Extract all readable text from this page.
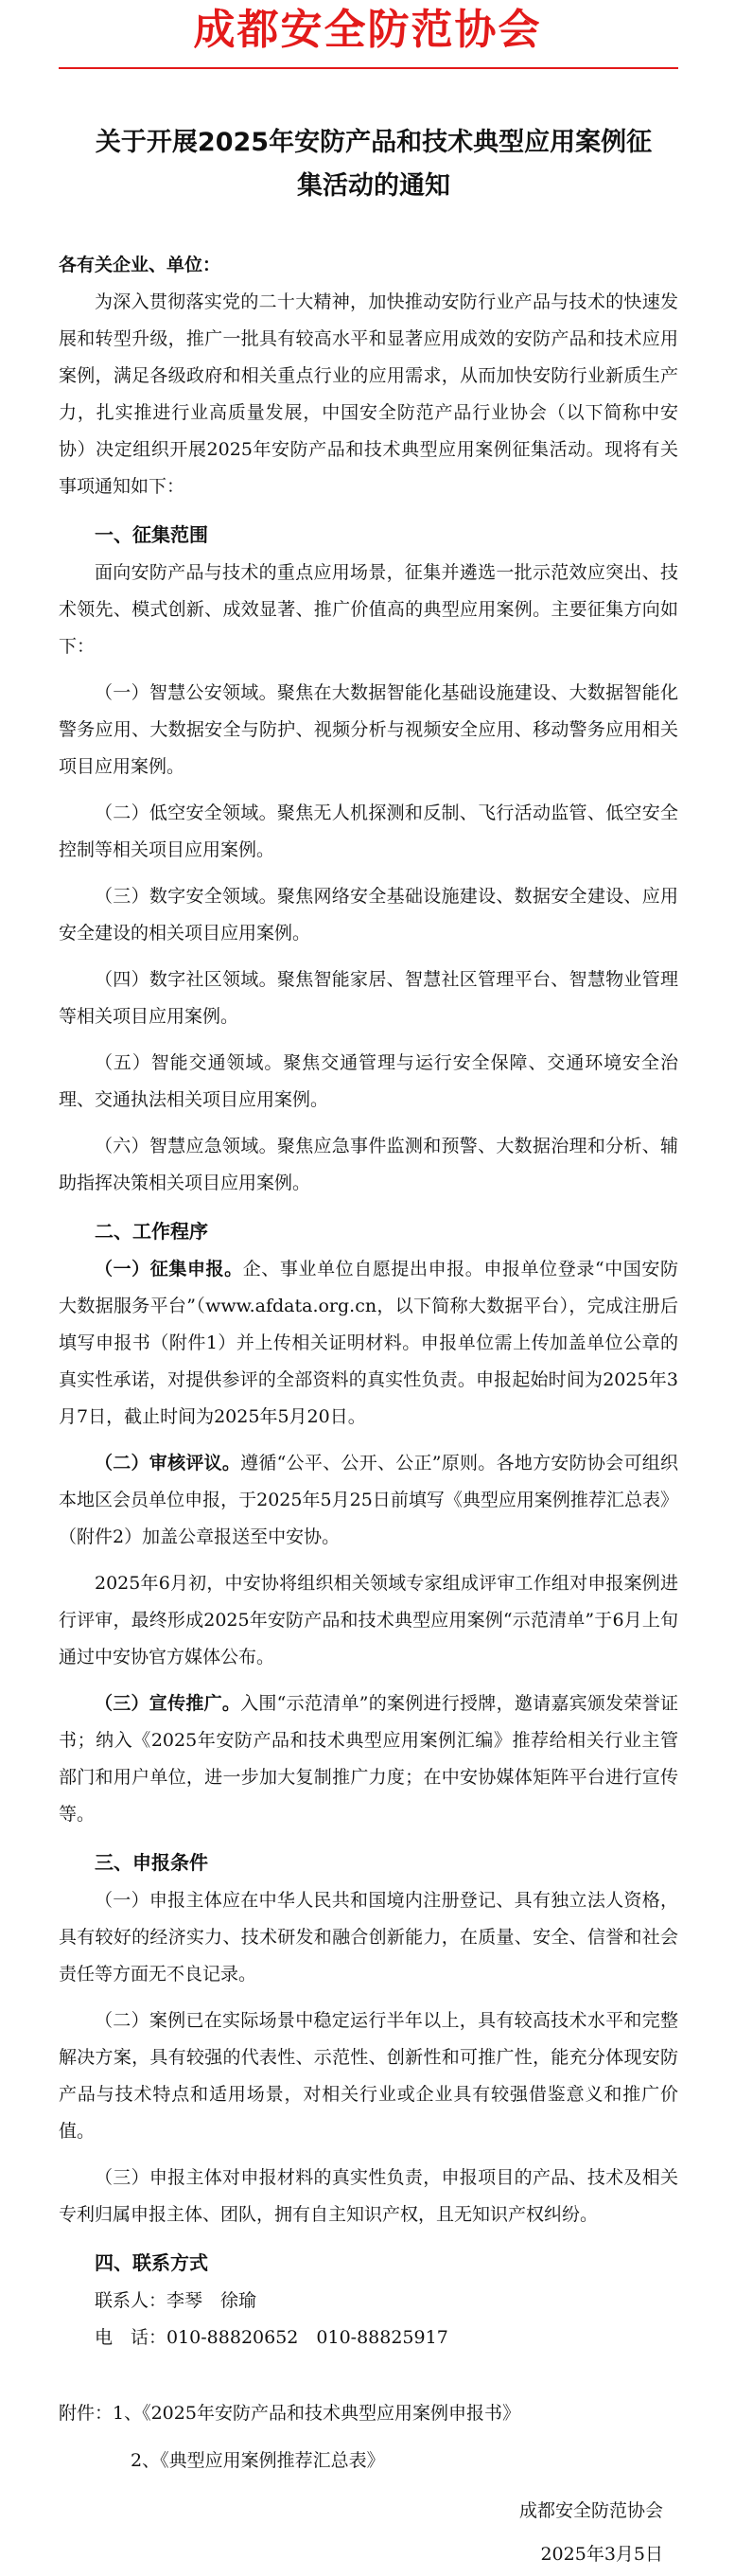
成都安全防范协会
关于开展2025年安防产品和技术典型应用案例征集活动的通知

各有关企业、单位：

为深入贯彻落实党的二十大精神，加快推动安防行业产品与技术的快速发展和转型升级，推广一批具有较高水平和显著应用成效的安防产品和技术应用案例，满足各级政府和相关重点行业的应用需求，从而加快安防行业新质生产力，扎实推进行业高质量发展，中国安全防范产品行业协会（以下简称中安协）决定组织开展2025年安防产品和技术典型应用案例征集活动。现将有关事项通知如下：

一、征集范围

面向安防产品与技术的重点应用场景，征集并遴选一批示范效应突出、技术领先、模式创新、成效显著、推广价值高的典型应用案例。主要征集方向如下：

（一）智慧公安领域。聚焦在大数据智能化基础设施建设、大数据智能化警务应用、大数据安全与防护、视频分析与视频安全应用、移动警务应用相关项目应用案例。

（二）低空安全领域。聚焦无人机探测和反制、飞行活动监管、低空安全控制等相关项目应用案例。

（三）数字安全领域。聚焦网络安全基础设施建设、数据安全建设、应用安全建设的相关项目应用案例。

（四）数字社区领域。聚焦智能家居、智慧社区管理平台、智慧物业管理等相关项目应用案例。

（五）智能交通领域。聚焦交通管理与运行安全保障、交通环境安全治理、交通执法相关项目应用案例。

（六）智慧应急领域。聚焦应急事件监测和预警、大数据治理和分析、辅助指挥决策相关项目应用案例。

二、工作程序

（一）征集申报。企、事业单位自愿提出申报。申报单位登录“中国安防大数据服务平台”（www.afdata.org.cn，以下简称大数据平台），完成注册后填写申报书（附件1）并上传相关证明材料。申报单位需上传加盖单位公章的真实性承诺，对提供参评的全部资料的真实性负责。申报起始时间为2025年3月7日，截止时间为2025年5月20日。

（二）审核评议。遵循“公平、公开、公正”原则。各地方安防协会可组织本地区会员单位申报，于2025年5月25日前填写《典型应用案例推荐汇总表》（附件2）加盖公章报送至中安协。

2025年6月初，中安协将组织相关领域专家组成评审工作组对申报案例进行评审，最终形成2025年安防产品和技术典型应用案例“示范清单”于6月上旬通过中安协官方媒体公布。

（三）宣传推广。入围“示范清单”的案例进行授牌，邀请嘉宾颁发荣誉证书；纳入《2025年安防产品和技术典型应用案例汇编》推荐给相关行业主管部门和用户单位，进一步加大复制推广力度；在中安协媒体矩阵平台进行宣传等。

三、申报条件

（一）申报主体应在中华人民共和国境内注册登记、具有独立法人资格，具有较好的经济实力、技术研发和融合创新能力，在质量、安全、信誉和社会责任等方面无不良记录。

（二）案例已在实际场景中稳定运行半年以上，具有较高技术水平和完整解决方案，具有较强的代表性、示范性、创新性和可推广性，能充分体现安防产品与技术特点和适用场景，对相关行业或企业具有较强借鉴意义和推广价值。

（三）申报主体对申报材料的真实性负责，申报项目的产品、技术及相关专利归属申报主体、团队，拥有自主知识产权，且无知识产权纠纷。

四、联系方式

联系人：李琴　徐瑜

电　话：010-88820652　010-88825917

附件：1、《2025年安防产品和技术典型应用案例申报书》

2、《典型应用案例推荐汇总表》

成都安全防范协会

2025年3月5日
